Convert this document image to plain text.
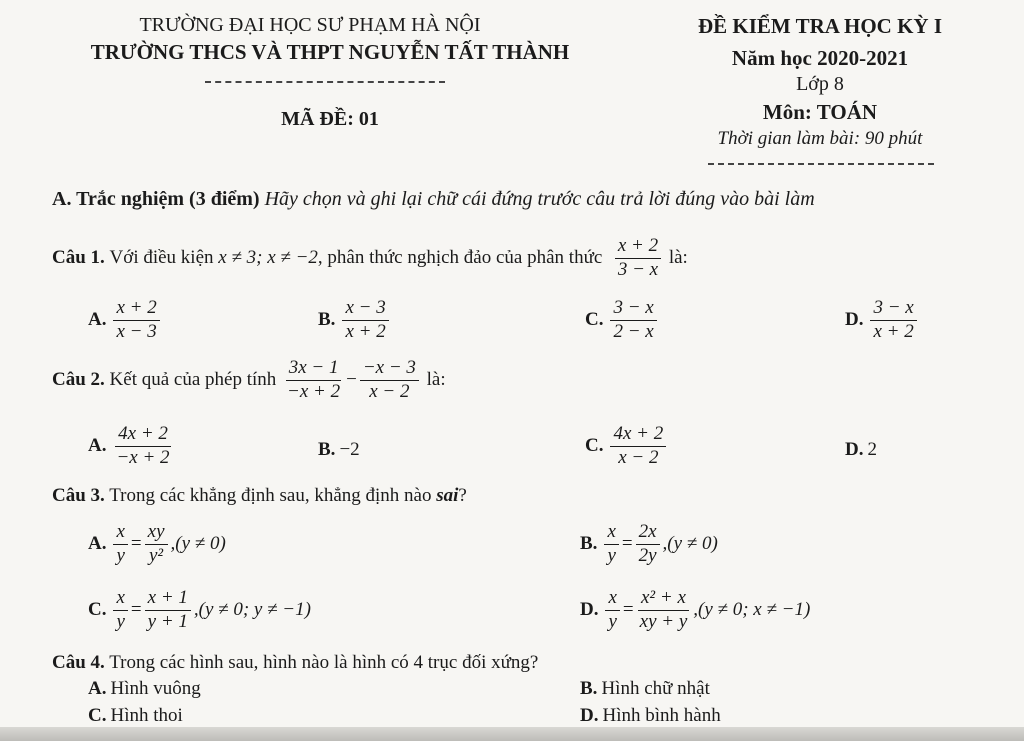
TRƯỜNG ĐẠI HỌC SƯ PHẠM HÀ NỘI
TRƯỜNG THCS VÀ THPT NGUYỄN TẤT THÀNH
MÃ ĐỀ: 01
ĐỀ KIỂM TRA HỌC KỲ I
Năm học 2020-2021
Lớp 8
Môn: TOÁN
Thời gian làm bài: 90 phút
A. Trắc nghiệm (3 điểm) Hãy chọn và ghi lại chữ cái đứng trước câu trả lời đúng vào bài làm
Câu 1.
Với điều kiện
x ≠ 3; x ≠ −2 , phân thức nghịch đảo của phân thức
$\frac{x + 2}{3 - x}$
là:
A. $\frac{x + 2}{x - 3}$	B. $\frac{x - 3}{x + 2}$	C. $\frac{3 - x}{2 - x}$	D. $\frac{3 - x}{x + 2}$
Câu 2.
Kết quả của phép tính
$\frac{3x - 1}{-x + 2} - \frac{-x - 3}{x - 2}$
là:
A. $\frac{4x + 2}{-x + 2}$	B. −2	C. $\frac{4x + 2}{x - 2}$	D. 2
Câu 3. Trong các khẳng định sau, khẳng định nào sai?
A. $\frac{x}{y} = \frac{xy}{\text{y²}} ,(y \ne 0)$	B. $\frac{x}{y} = \frac{2x}{2y} ,(y \ne 0)$
C. $\frac{x}{y} = \frac{x + 1}{y + 1} ,(y \ne 0$; y ≠ −1)	D. $\frac{x}{y} = \frac{\text{x² + x}}{xy + y} ,(y \ne 0$; x ≠ −1)
Câu 4. Trong các hình sau, hình nào là hình có 4 trục đối xứng?
A. Hình vuông	B. Hình chữ nhật
C. Hình thoi	D. Hình bình hành
